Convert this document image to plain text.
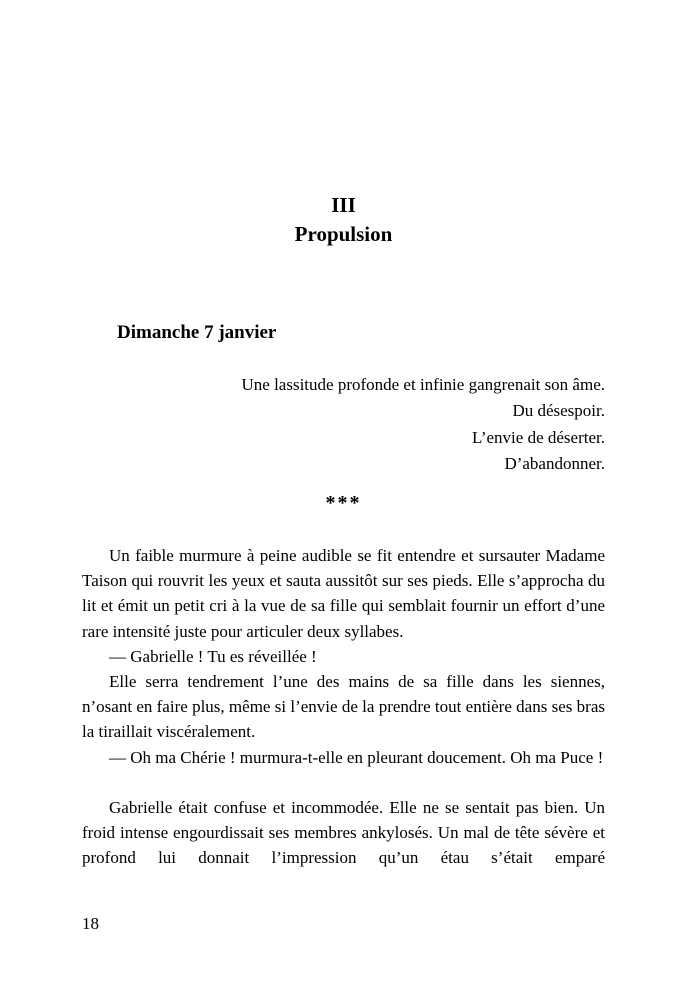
III
Propulsion
Dimanche 7 janvier
Une lassitude profonde et infinie gangrenait son âme.
Du désespoir.
L’envie de déserter.
D’abandonner.
***

Un faible murmure à peine audible se fit entendre et sursauter Madame Taison qui rouvrit les yeux et sauta aussitôt sur ses pieds. Elle s’approcha du lit et émit un petit cri à la vue de sa fille qui semblait fournir un effort d’une rare intensité juste pour articuler deux syllabes.

— Gabrielle ! Tu es réveillée !

Elle serra tendrement l’une des mains de sa fille dans les siennes, n’osant en faire plus, même si l’envie de la prendre tout entière dans ses bras la tiraillait viscéralement.

— Oh ma Chérie ! murmura-t-elle en pleurant doucement. Oh ma Puce !

Gabrielle était confuse et incommodée. Elle ne se sentait pas bien. Un froid intense engourdissait ses membres ankylosés. Un mal de tête sévère et profond lui donnait l’impression qu’un étau s’était emparé

18
